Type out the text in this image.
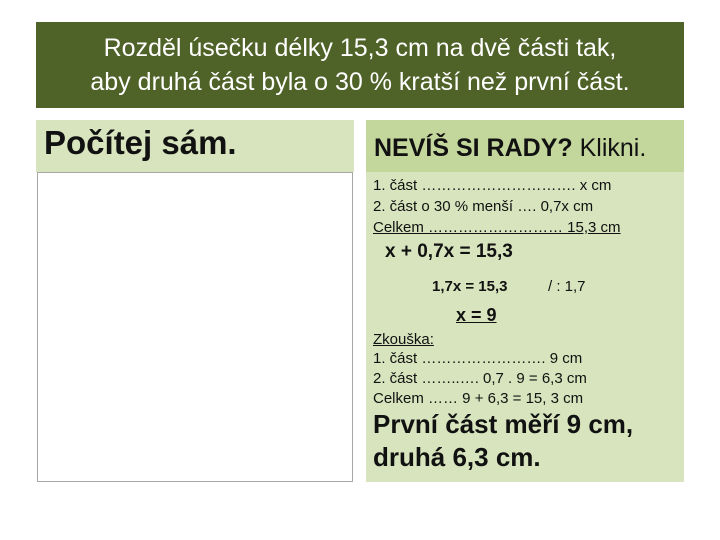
Rozděl úsečku délky 15,3 cm na dvě části tak,
aby druhá část byla o 30 % kratší než první část.
Počítej sám.	NEVÍŠ SI RADY? Klikni.
1. část …………………………. x cm
2. část o 30 % menší …. 0,7x cm
Celkem ……………………… 15,3 cm
x + 0,7x = 15,3
1,7x = 15,3	/ : 1,7
x = 9
Zkouška:
1. část ……………………. 9 cm
2. část ……..…. 0,7 . 9 = 6,3 cm
Celkem …… 9 + 6,3 = 15, 3 cm
První část měří 9 cm,
druhá 6,3 cm.
